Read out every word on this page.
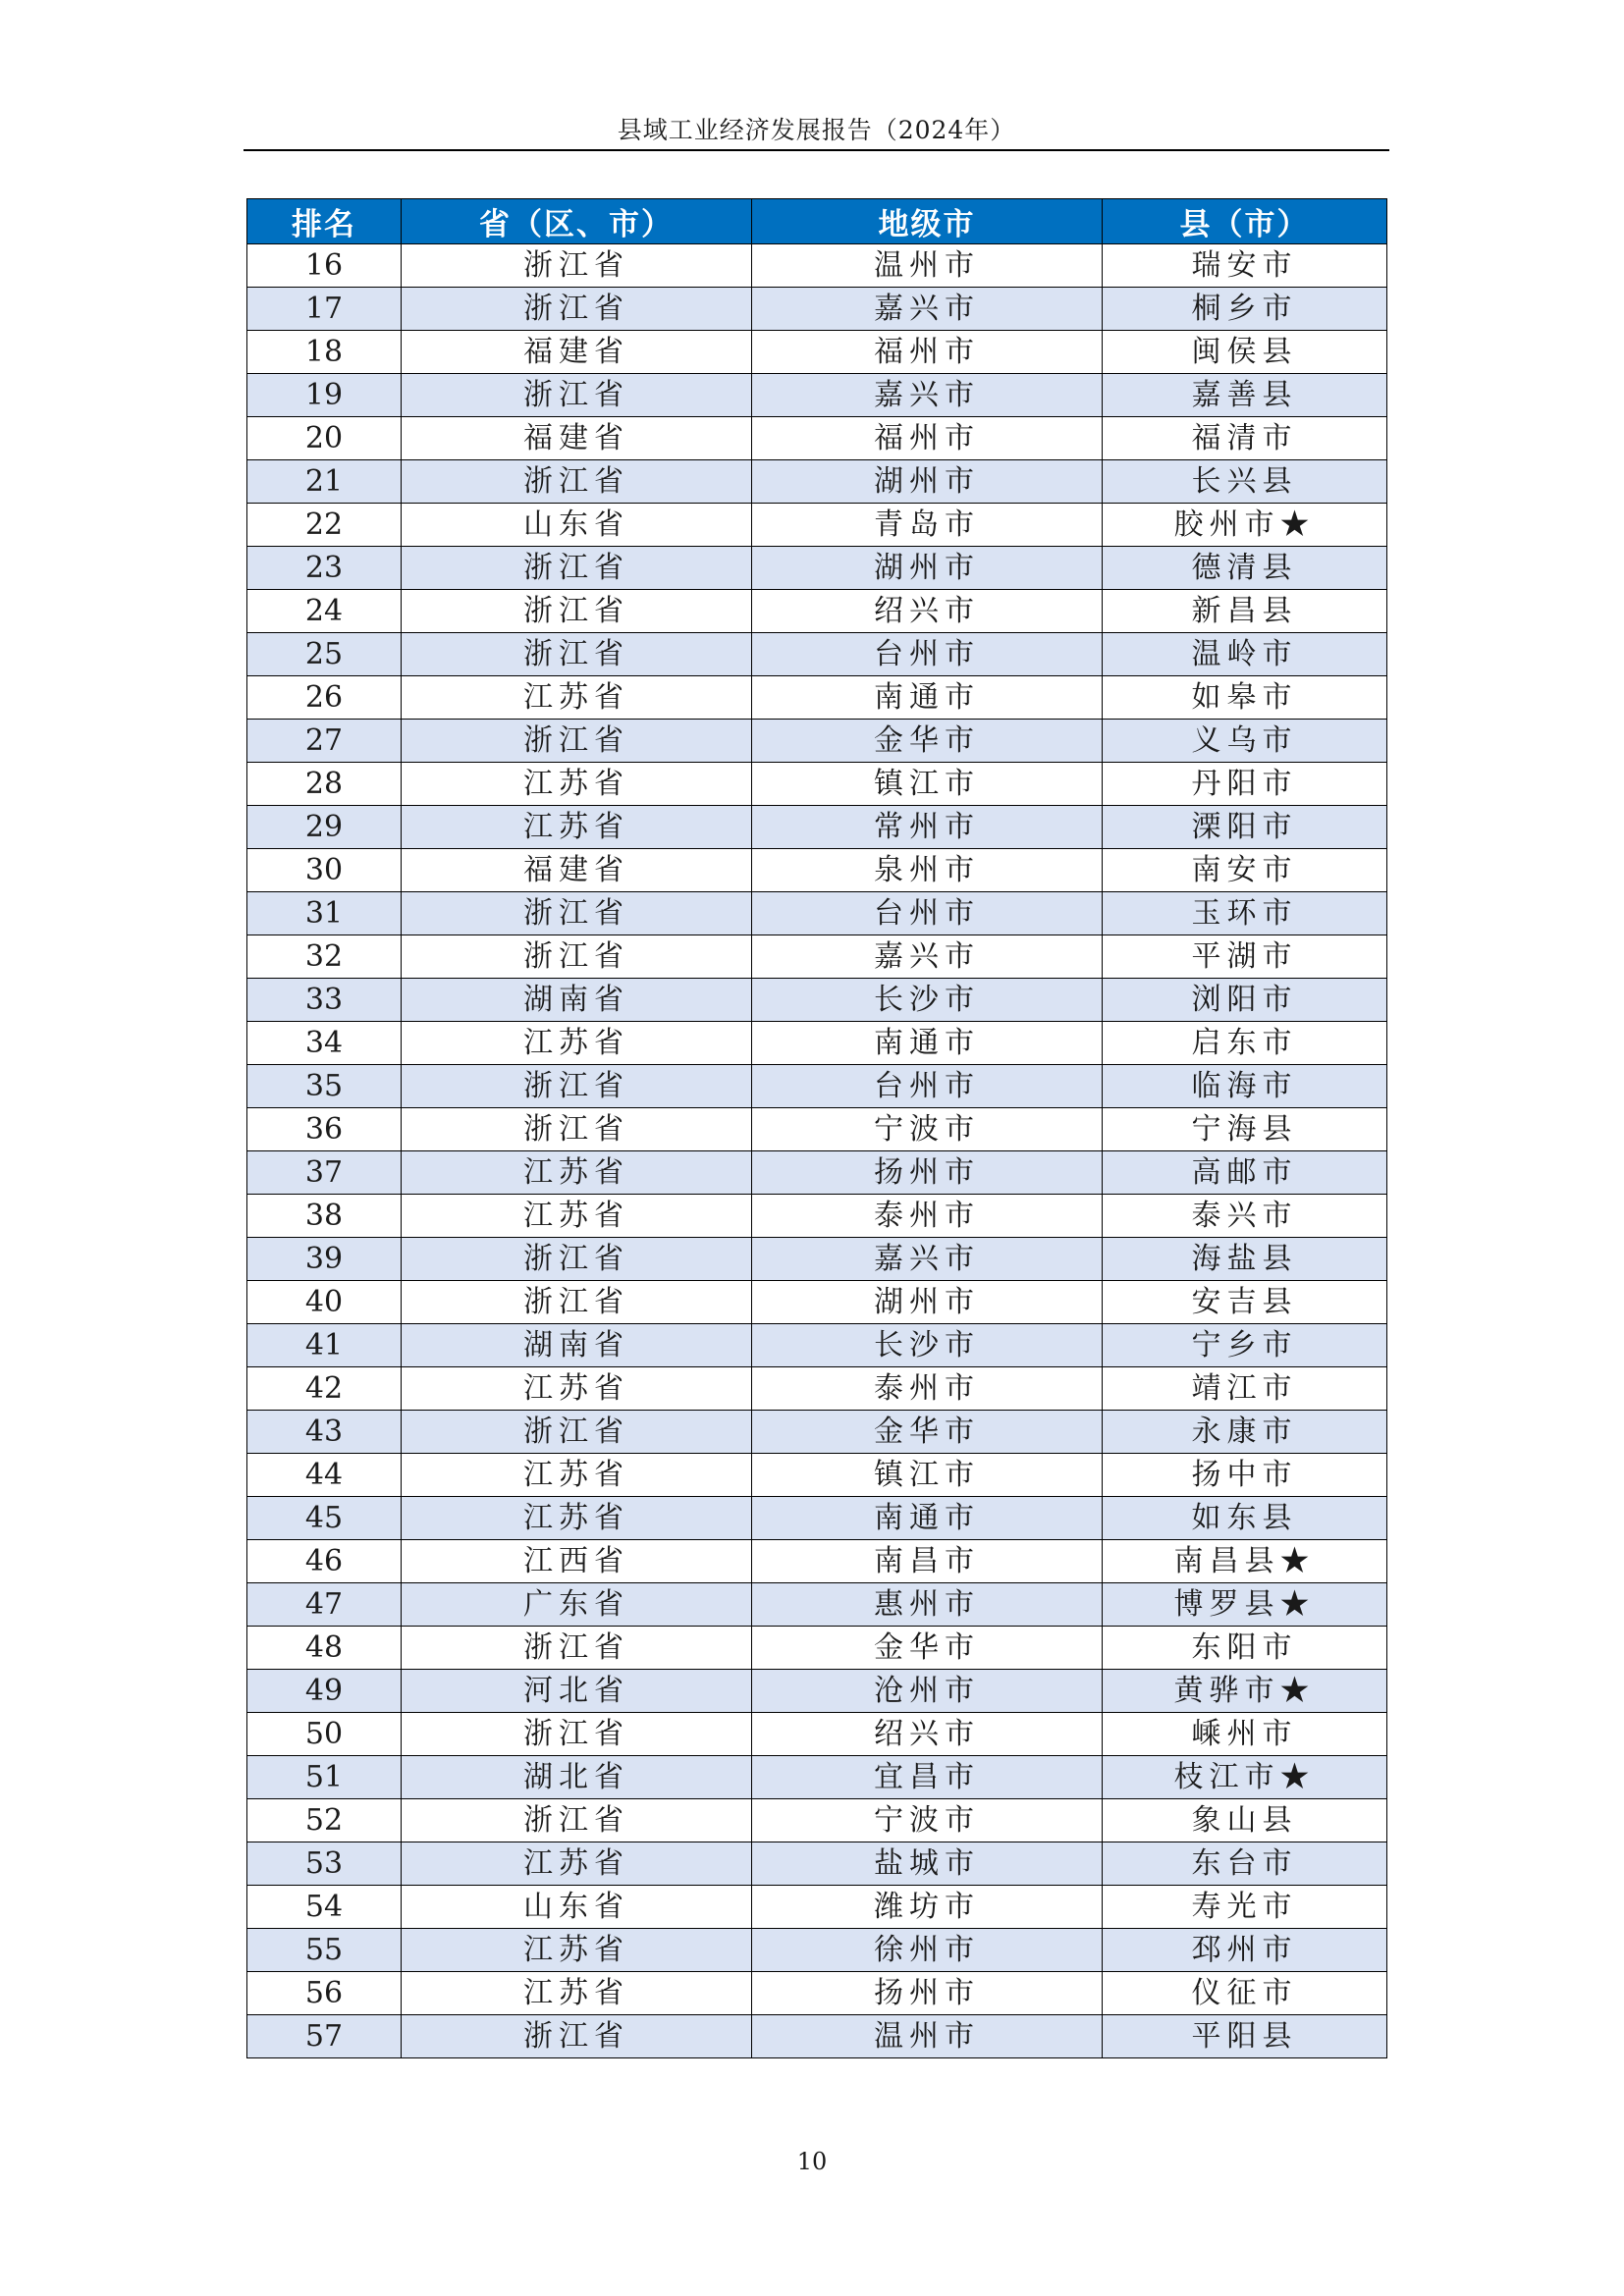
县域工业经济发展报告（2024年）
排名	省（区、市）	地级市	县（市）
16	浙江省	温州市	瑞安市
17	浙江省	嘉兴市	桐乡市
18	福建省	福州市	闽侯县
19	浙江省	嘉兴市	嘉善县
20	福建省	福州市	福清市
21	浙江省	湖州市	长兴县
22	山东省	青岛市	胶州市★
23	浙江省	湖州市	德清县
24	浙江省	绍兴市	新昌县
25	浙江省	台州市	温岭市
26	江苏省	南通市	如皋市
27	浙江省	金华市	义乌市
28	江苏省	镇江市	丹阳市
29	江苏省	常州市	溧阳市
30	福建省	泉州市	南安市
31	浙江省	台州市	玉环市
32	浙江省	嘉兴市	平湖市
33	湖南省	长沙市	浏阳市
34	江苏省	南通市	启东市
35	浙江省	台州市	临海市
36	浙江省	宁波市	宁海县
37	江苏省	扬州市	高邮市
38	江苏省	泰州市	泰兴市
39	浙江省	嘉兴市	海盐县
40	浙江省	湖州市	安吉县
41	湖南省	长沙市	宁乡市
42	江苏省	泰州市	靖江市
43	浙江省	金华市	永康市
44	江苏省	镇江市	扬中市
45	江苏省	南通市	如东县
46	江西省	南昌市	南昌县★
47	广东省	惠州市	博罗县★
48	浙江省	金华市	东阳市
49	河北省	沧州市	黄骅市★
50	浙江省	绍兴市	嵊州市
51	湖北省	宜昌市	枝江市★
52	浙江省	宁波市	象山县
53	江苏省	盐城市	东台市
54	山东省	潍坊市	寿光市
55	江苏省	徐州市	邳州市
56	江苏省	扬州市	仪征市
57	浙江省	温州市	平阳县
10
